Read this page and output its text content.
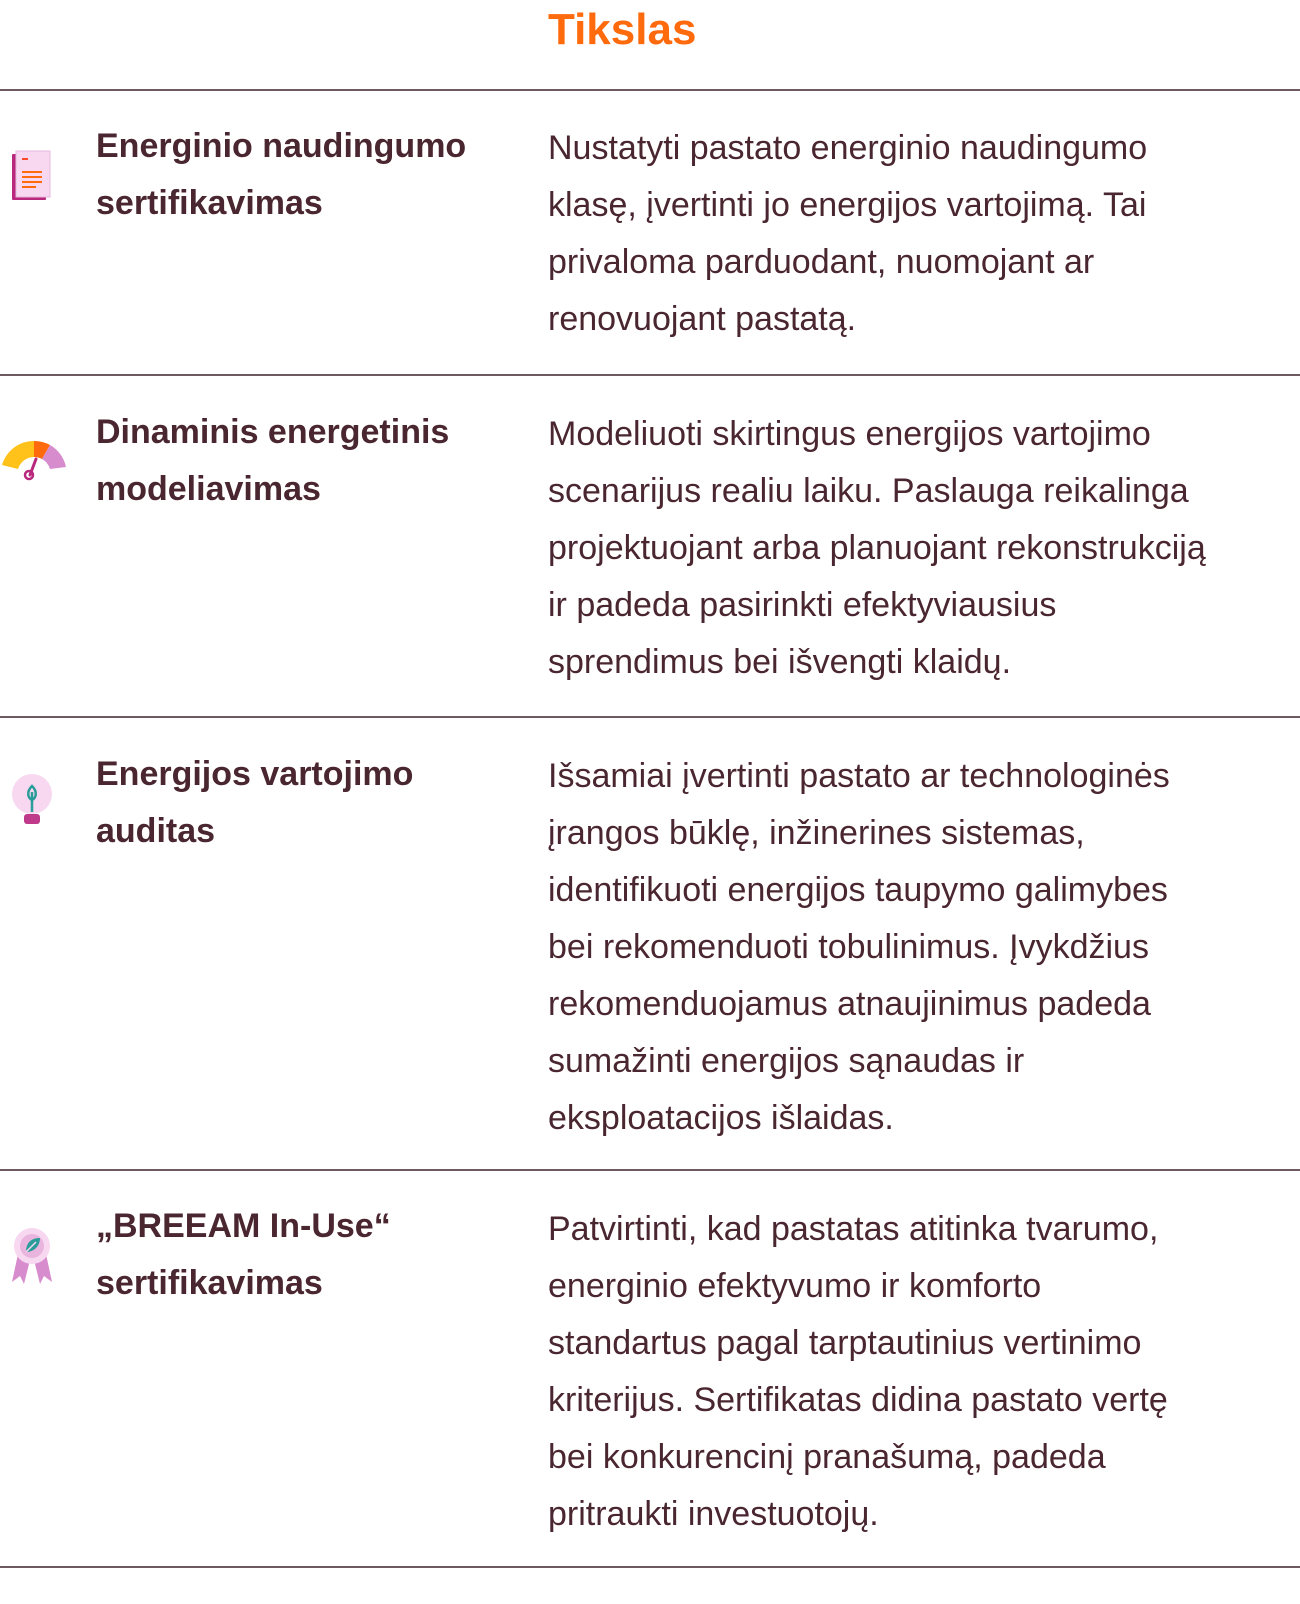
Tikslas
Energinio naudingumo sertifikavimas

Nustatyti pastato energinio naudingumo
klasę, įvertinti jo energijos vartojimą. Tai
privaloma parduodant, nuomojant ar
renovuojant pastatą.

Dinaminis energetinis modeliavimas

Modeliuoti skirtingus energijos vartojimo
scenarijus realiu laiku. Paslauga reikalinga
projektuojant arba planuojant rekonstrukciją
ir padeda pasirinkti efektyviausius
sprendimus bei išvengti klaidų.

Energijos vartojimo auditas

Išsamiai įvertinti pastato ar technologinės
įrangos būklę, inžinerines sistemas,
identifikuoti energijos taupymo galimybes
bei rekomenduoti tobulinimus. Įvykdžius
rekomenduojamus atnaujinimus padeda
sumažinti energijos sąnaudas ir
eksploatacijos išlaidas.

„BREEAM In-Use“ sertifikavimas

Patvirtinti, kad pastatas atitinka tvarumo,
energinio efektyvumo ir komforto
standartus pagal tarptautinius vertinimo
kriterijus. Sertifikatas didina pastato vertę
bei konkurencinį pranašumą, padeda
pritraukti investuotojų.
